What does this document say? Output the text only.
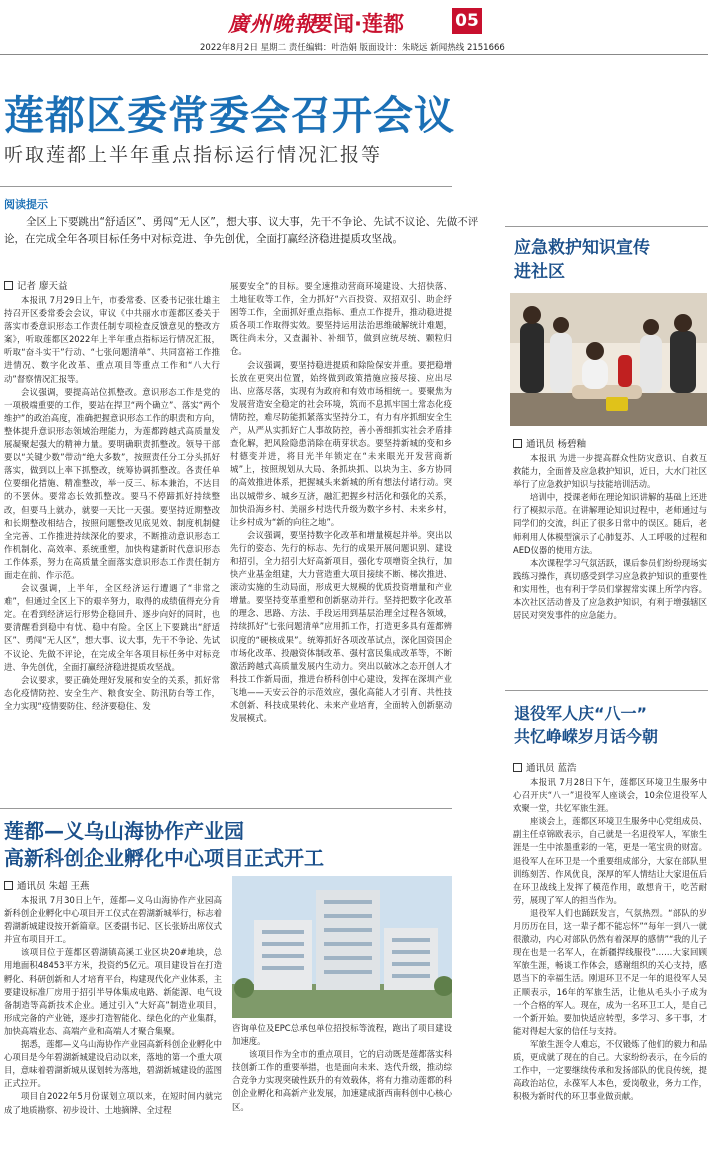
廣州晚報
要闻·莲都	05
2022年8月2日 星期二 责任编辑：叶浩娟 版面设计：朱晓远 新闻热线 2151666
莲都区委常委会召开会议
听取莲都上半年重点指标运行情况汇报等
阅读提示
全区上下要跳出“舒适区”、勇闯“无人区”，想大事、议大事，先干不争论、先试不议论、先做不评论，在完成全年各项目标任务中对标竞进、争先创优，全面打赢经济稳进提质攻坚战。
记者 廖天益

本报讯 7月29日上午，市委常委、区委书记张壮雄主持召开区委常委会会议，审议《中共丽水市莲都区委关于落实市委意识形态工作责任制专项检查反馈意见的整改方案》，听取莲都区2022年上半年重点指标运行情况汇报，听取“奋斗实干”行动、“七张问题清单”、共同富裕工作推进情况、数字化改革、重点项目等重点工作和“八大行动”督察情况汇报等。

会议强调，要提高站位抓整改。意识形态工作是党的一项极端重要的工作，要站在捍卫“两个确立”、落实“两个维护”的政治高度，准确把握意识形态工作的职责和方向，整体提升意识形态领域治理能力，为莲都跨越式高质量发展凝聚起强大的精神力量。要明确职责抓整改。领导干部要以“关键少数”带动“绝大多数”，按照责任分工分头抓好落实，做到以上率下抓整改，统筹协调抓整改。各责任单位要细化措施、精准整改，举一反三、标本兼治，不达目的不罢休。要常态长效抓整改。要马不停蹄抓好持续整改，但要马上就办，就要一天比一天强。要坚持近期整改和长期整改相结合，按照问题整改见底见效、制度机制健全完善、工作推进持续深化的要求，不断推动意识形态工作机制化、高效率、系统重塑，加快构建新时代意识形态工作体系，努力在高质量全面落实意识形态工作责任制方面走在前、作示范。

会议强调，上半年，全区经济运行遭遇了“非常之难”，但通过全区上下的艰辛努力，取得的成绩值得充分肯定。在看到经济运行形势企稳回升、逐步向好的同时，也要清醒看到稳中有忧、稳中有险。全区上下要跳出“舒适区”、勇闯“无人区”，想大事、议大事，先干不争论、先试不议论、先做不评论，在完成全年各项目标任务中对标竞进、争先创优，全面打赢经济稳进提质攻坚战。

会议要求，要正确处理好发展和安全的关系，抓好常态化疫情防控、安全生产、粮食安全、防汛防台等工作，全力实现“疫情要防住、经济要稳住、发

展要安全”的目标。要全速推动营商环境建设、大招快落、土地征收等工作，全力抓好“六百投资、双招双引、助企纾困等工作，全面抓好重点指标、重点工作提升，推动稳进提质各项工作取得实效。要坚持运用法治思维破解统计难题，既往尚未分，又查漏补、补细节，做到应统尽统、颗粒归仓。

会议强调，要坚持稳进提质和除险保安并重。要把稳增长放在更突出位置，始终做到政策措施应接尽接、应出尽出、应落尽落，实现有为政府和有效市场相统一。要聚焦为发展营造安全稳定的社会环境，筑而不息抓牢国土常态化疫情防控，难尽防能抓紧落实坚持分工，有力有序抓细安全生产，从严从实抓好亡人事故防控，善小善细抓实社会矛盾排查化解，把风险隐患消除在萌芽状态。要坚持新城的变和乡村德变并进，将目光半年锁定在“未来眼光开发营商新城”上，按照规划从大局、条抓块抓、以块为主、多方协同的高效推进体系，把握城头来新城的所有想法付诸行动。突出以城带乡、城乡互济，融汇把握乡村活化和强化的关系，加快沿海乡村、美丽乡村迭代升级为数字乡村、未来乡村，让乡村成为“新的向往之地”。

会议强调，要坚持数字化改革和增量模起并举。突出以先行的姿态、先行的标志、先行的成果开展问题识别、建设和招引，全力招引大好高新项目，强化专项增资全执行，加快产业基金组建，大力营造重大项目接续不断、梯次推进、滚动实施的生动局面，形成更大规模的优质投资增量和产业增量。要坚持变革重塑和创新驱动并行。坚持把数字化改革的理念、思路、方法、手段运用到基层治理全过程各领域，持续抓好“七张问题清单”应用抓工作，打造更多具有莲都辨识度的“硬核成果”。统筹抓好各项改革试点，深化国资国企市场化改革、投融资体制改革、强村富民集成改革等，不断激活跨越式高质量发展内生动力。突出以破冰之态开创人才科技工作新局面，推进台桥科创中心建设，发挥在深圳产业飞地——天安云谷的示范效应，强化高能人才引育、共性技术创新、科技成果转化、未来产业培育，全面转入创新驱动发展模式。

应急救护知识宣传
进社区
通讯员 杨碧釉

本报讯 为进一步提高群众性防灾意识、自救互救能力，全面普及应急救护知识，近日，大水门社区举行了应急救护知识与技能培训活动。

培训中，授课老师在理论知识讲解的基础上还进行了模拟示范。在讲解理论知识过程中，老师通过与同学们的交流，纠正了很多日常中的误区。随后，老师利用人体模型演示了心肺复苏、人工呼吸的过程和AED仪器的使用方法。

本次课程学习气氛活跃，课后参员们纷纷现场实践练习操作，真切感受到学习应急救护知识的重要性和实用性，也有利于学员们掌握常实课上所学内容。本次社区活动普及了应急救护知识，有利于增强辖区居民对突发事件的应急能力。

退役军人庆“八一”
共忆峥嵘岁月话今朝
通讯员 蓝浩

本报讯 7月28日下午，莲都区环境卫生服务中心召开庆“八一”退役军人座谈会，10余位退役军人欢聚一堂，共忆军旅生涯。

座谈会上，莲都区环境卫生服务中心党组成员、副主任卓锦欧表示，自己就是一名退役军人，军旅生涯是一生中浓墨重彩的一笔，更是一笔宝贵的财富。退役军人在环卫是一个重要组成部分，大家在部队里训练刻苦、作风优良，深厚的军人情结让大家退伍后在环卫战线上发挥了模范作用，敢想肯干，吃苦耐劳，展现了军人的担当作为。

退役军人们也踊跃发言，气氛热烈。“部队的岁月历历在目，这一辈子都不能忘怀”“每年一到八一就很激动，内心对部队仍然有着深厚的感情”“我的儿子现在也是一名军人，在新疆捍线服役”……大家回顾军旅生涯，畅谈工作体会，感谢组织的关心支持，感恩当下的幸福生活。刚退环卫不足一年的退役军人吴正顺表示，16年的军旅生活，让他从毛头小子成为一个合格的军人。现在，成为一名环卫工人，是自己一个新开始。要加快适应转型，多学习、多干事，才能对得起大家的信任与支持。

军旅生涯令人难忘，不仅锻炼了他们的毅力和品质，更成就了现在的自己。大家纷纷表示，在今后的工作中，一定要继续传承和发扬部队的优良传统，提高政治站位，永葆军人本色，爱岗敬业，务力工作，积极为新时代的环卫事业做贡献。

莲都—义乌山海协作产业园
高新科创企业孵化中心项目正式开工
通讯员 朱超 王燕

本报讯 7月30日上午，莲都—义乌山海协作产业园高新科创企业孵化中心项目开工仪式在碧湖新城举行，标志着碧湖新城建设按开新篇章。区委副书记、区长张娇出席仪式并宣布项目开工。

该项目位于莲都区碧湖镇高溪工业区块20#地块，总用地面积48453平方米，投资约5亿元。项目建设旨在打造孵化、科研创新和人才培育平台，构建现代化产业体系，主要建设标准厂房用于招引半导体集成电路、新能源、电气设备制造等高新技术企业。通过引入“大好高”制造业项目，形成完备的产业链，逐步打造智能化、绿色化的产业集群，加快高端业态、高端产业和高端人才聚合集聚。

据悉，莲都—义乌山海协作产业园高新科创企业孵化中心项目是今年碧湖新城建设启动以来，落地的第一个重大项目，意味着碧湖新城从谋划转为落地，碧湖新城建设的蓝图正式拉开。

项目自2022年5月份谋划立项以来，在短时间内就完成了地质勘察、初步设计、土地摘牌、全过程

咨询单位及EPC总承包单位招投标等流程，跑出了项目建设加速度。

该项目作为全市的重点项目，它的启动既是莲都落实科技创新工作的重要举措，也是面向未来、迭代升级，推动综合竞争力实现突破性跃升的有效载体，将有力推动莲都的科创企业孵化和高新产业发展，加速建成浙西南科创中心核心区。
